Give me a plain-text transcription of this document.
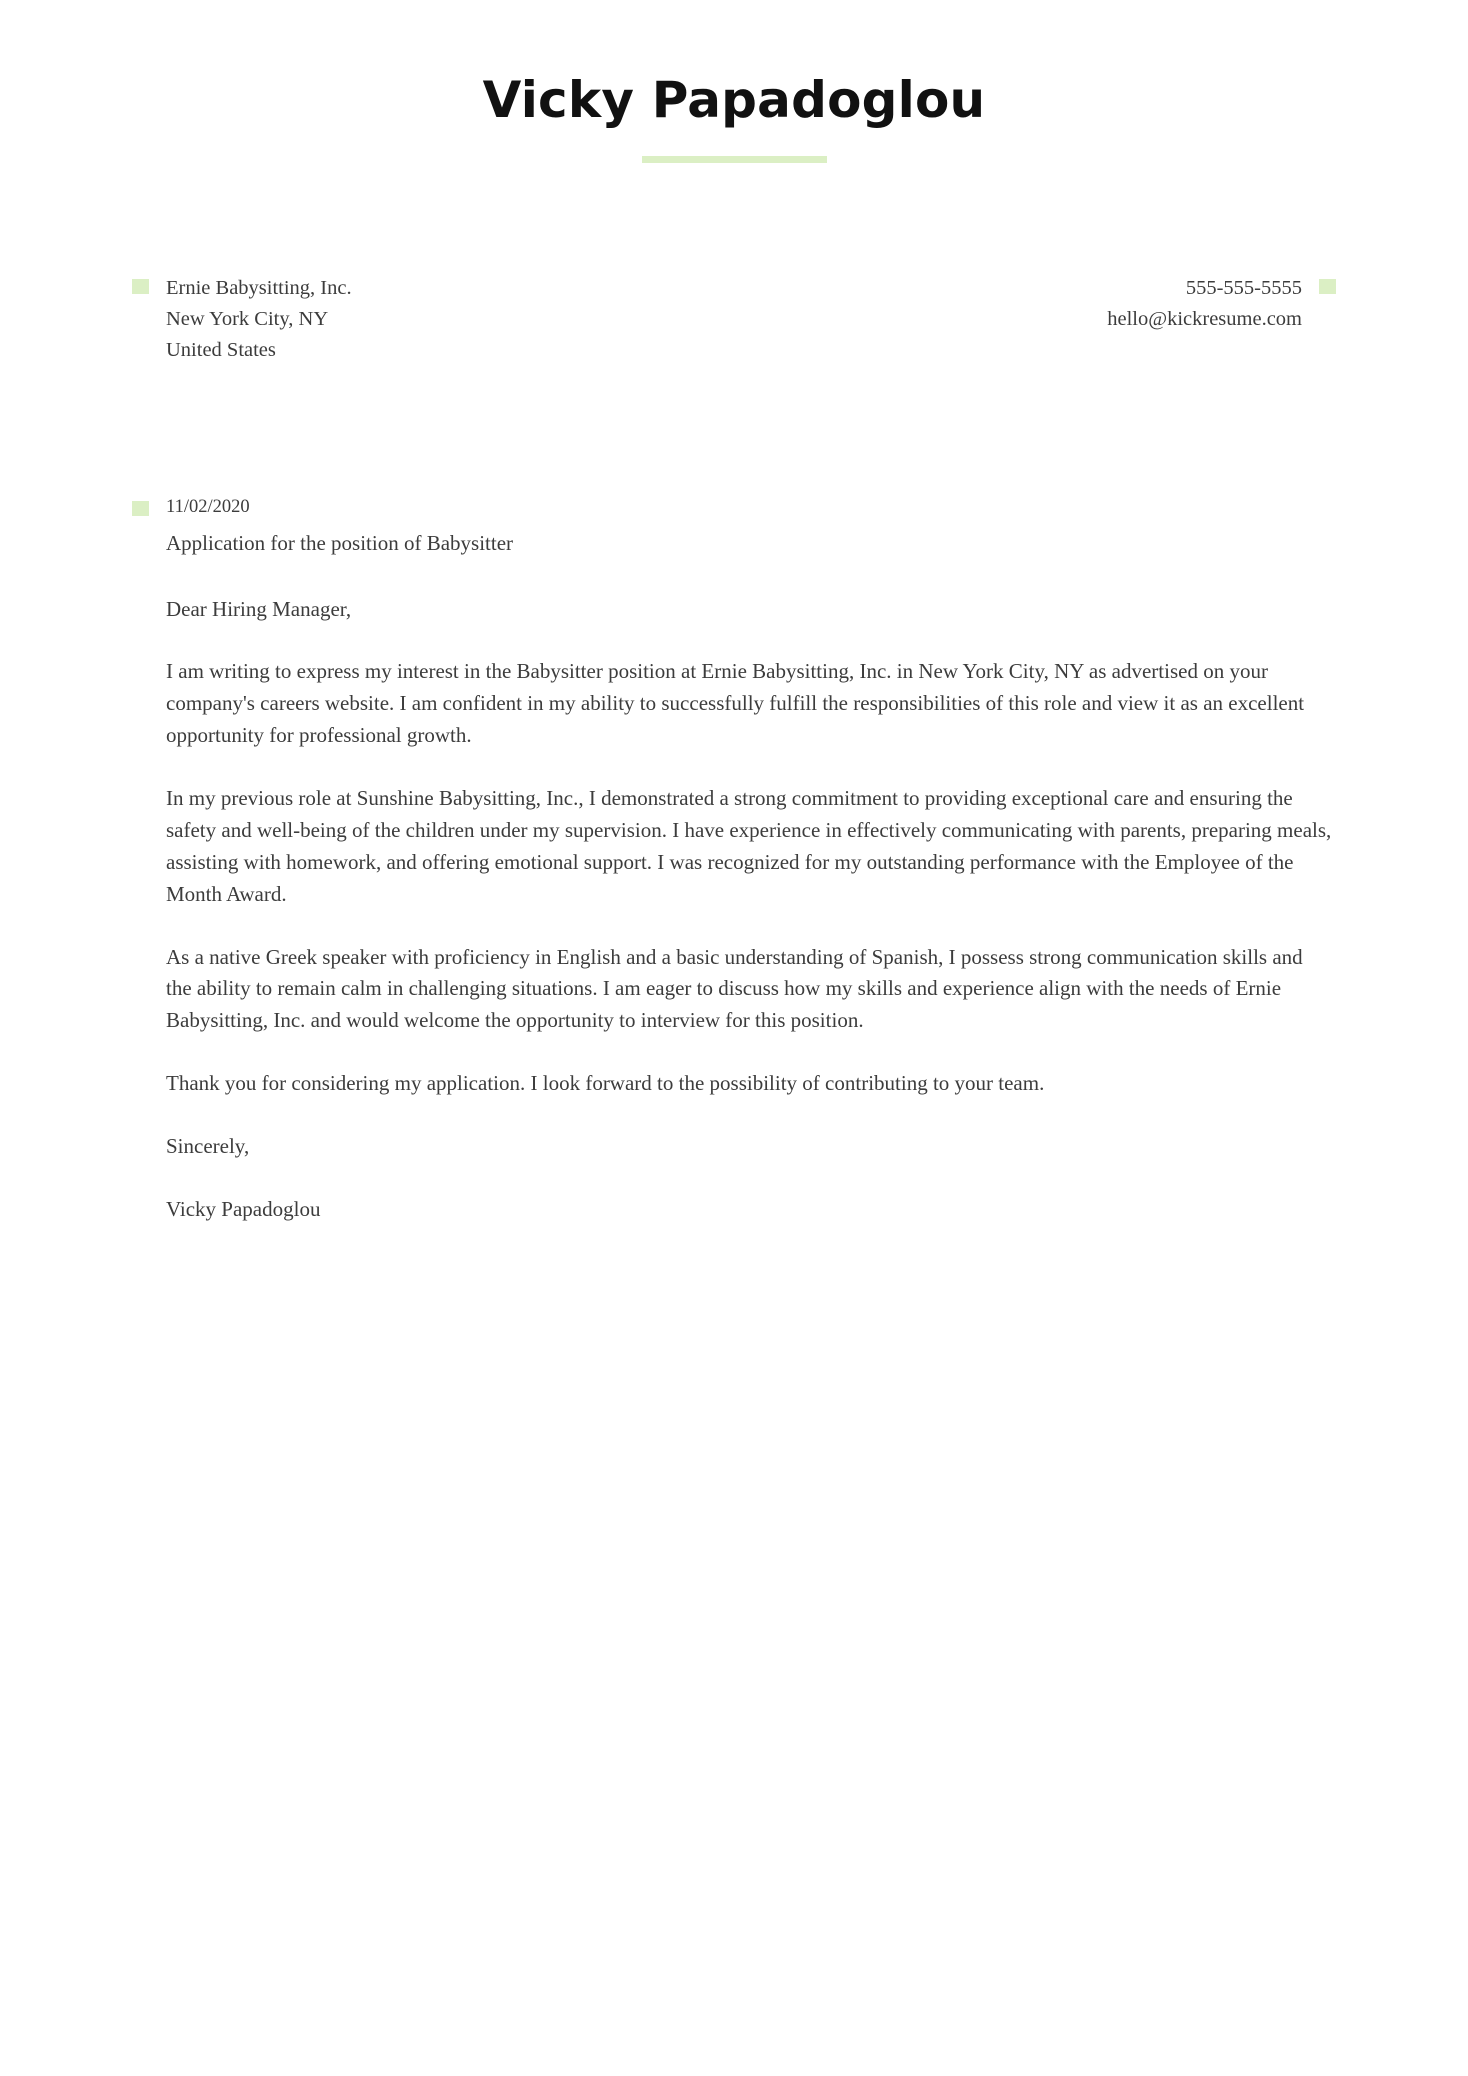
Vicky Papadoglou
Ernie Babysitting, Inc.
New York City, NY
United States
555-555-5555
hello@kickresume.com
11/02/2020
Application for the position of Babysitter
Dear Hiring Manager,

I am writing to express my interest in the Babysitter position at Ernie Babysitting, Inc. in New York City, NY as advertised on your company's careers website. I am confident in my ability to successfully fulfill the responsibilities of this role and view it as an excellent opportunity for professional growth.

In my previous role at Sunshine Babysitting, Inc., I demonstrated a strong commitment to providing exceptional care and ensuring the safety and well-being of the children under my supervision. I have experience in effectively communicating with parents, preparing meals, assisting with homework, and offering emotional support. I was recognized for my outstanding performance with the Employee of the Month Award.

As a native Greek speaker with proficiency in English and a basic understanding of Spanish, I possess strong communication skills and the ability to remain calm in challenging situations. I am eager to discuss how my skills and experience align with the needs of Ernie Babysitting, Inc. and would welcome the opportunity to interview for this position.

Thank you for considering my application. I look forward to the possibility of contributing to your team.

Sincerely,
Vicky Papadoglou
